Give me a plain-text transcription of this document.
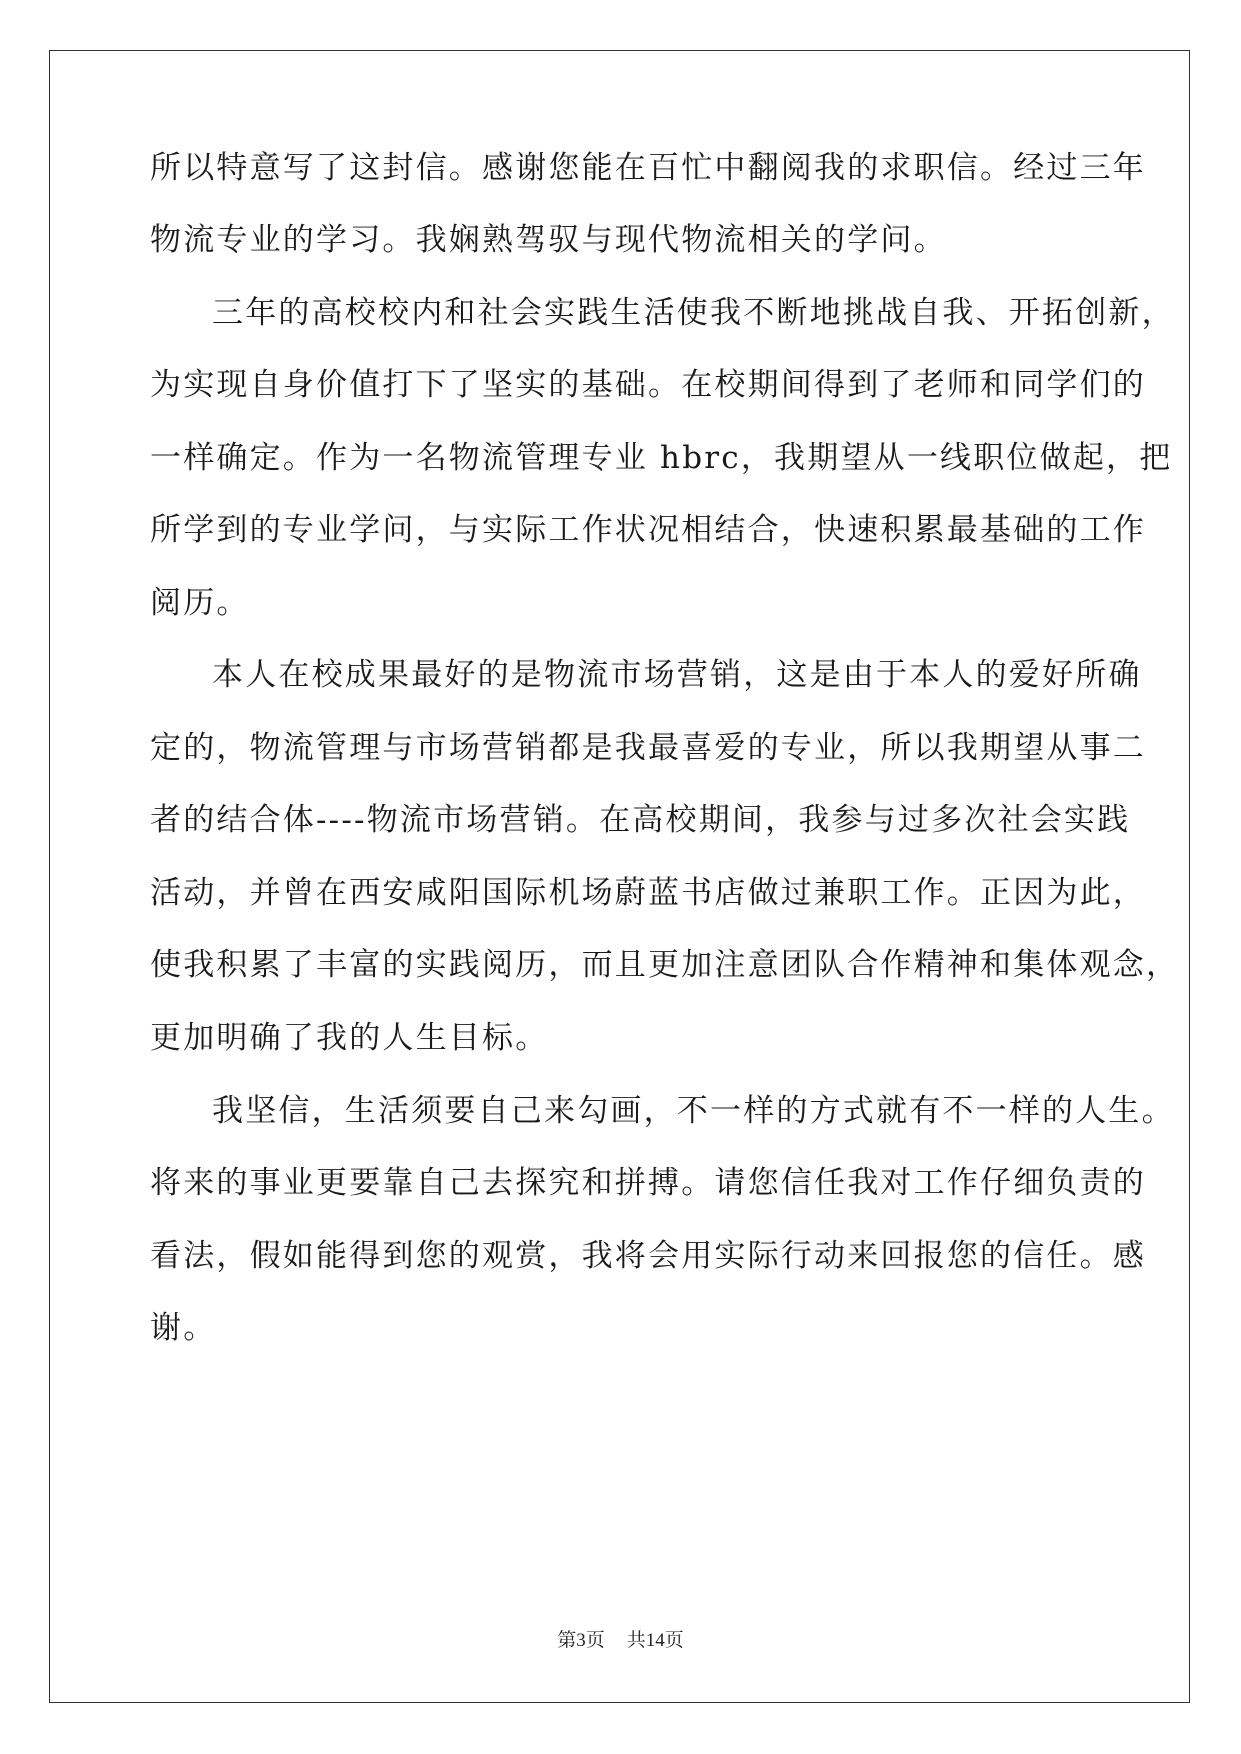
所以特意写了这封信。感谢您能在百忙中翻阅我的求职信。经过三年
物流专业的学习。我娴熟驾驭与现代物流相关的学问。
三年的高校校内和社会实践生活使我不断地挑战自我、开拓创新，
为实现自身价值打下了坚实的基础。在校期间得到了老师和同学们的
一样确定。作为一名物流管理专业 hbrc，我期望从一线职位做起，把
所学到的专业学问，与实际工作状况相结合，快速积累最基础的工作
阅历。
本人在校成果最好的是物流市场营销，这是由于本人的爱好所确
定的，物流管理与市场营销都是我最喜爱的专业，所以我期望从事二
者的结合体----物流市场营销。在高校期间，我参与过多次社会实践
活动，并曾在西安咸阳国际机场蔚蓝书店做过兼职工作。正因为此，
使我积累了丰富的实践阅历，而且更加注意团队合作精神和集体观念，
更加明确了我的人生目标。
我坚信，生活须要自己来勾画，不一样的方式就有不一样的人生。
将来的事业更要靠自己去探究和拼搏。请您信任我对工作仔细负责的
看法，假如能得到您的观赏，我将会用实际行动来回报您的信任。感
谢。
第3页 共14页
